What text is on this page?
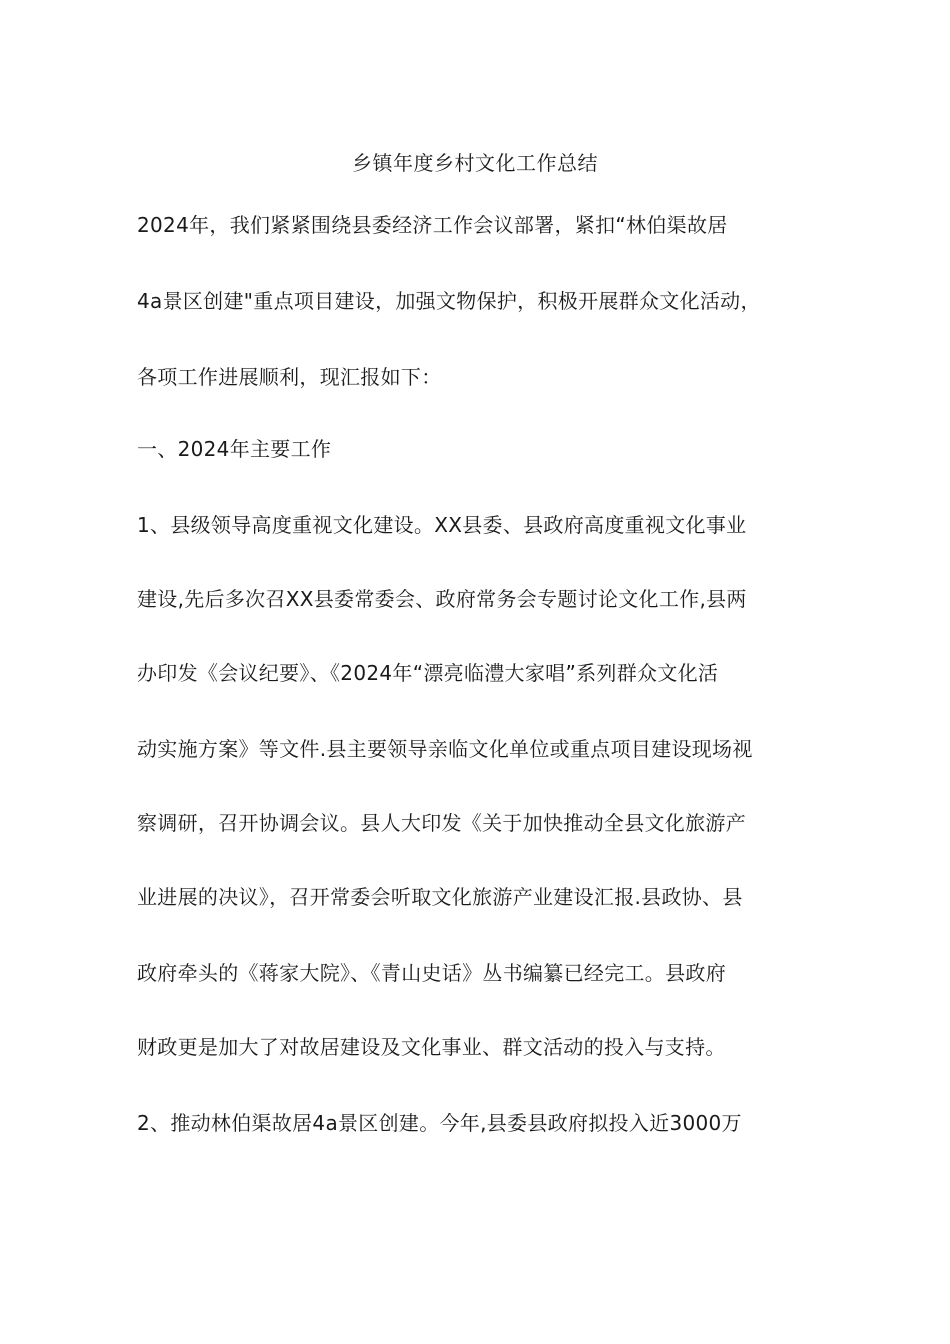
乡镇年度乡村文化工作总结
2024年，我们紧紧围绕县委经济工作会议部署，紧扣“林伯渠故居
4a景区创建"重点项目建设，加强文物保护，积极开展群众文化活动，
各项工作进展顺利，现汇报如下：
一、2024年主要工作
1、县级领导高度重视文化建设。XX县委、县政府高度重视文化事业
建设,先后多次召XX县委常委会、政府常务会专题讨论文化工作,县两
办印发《会议纪要》、《2024年“漂亮临澧大家唱”系列群众文化活
动实施方案》等文件.县主要领导亲临文化单位或重点项目建设现场视
察调研，召开协调会议。县人大印发《关于加快推动全县文化旅游产
业进展的决议》，召开常委会听取文化旅游产业建设汇报.县政协、县
政府牵头的《蒋家大院》、《青山史话》丛书编纂已经完工。县政府
财政更是加大了对故居建设及文化事业、群文活动的投入与支持。
2、推动林伯渠故居4a景区创建。今年,县委县政府拟投入近3000万
